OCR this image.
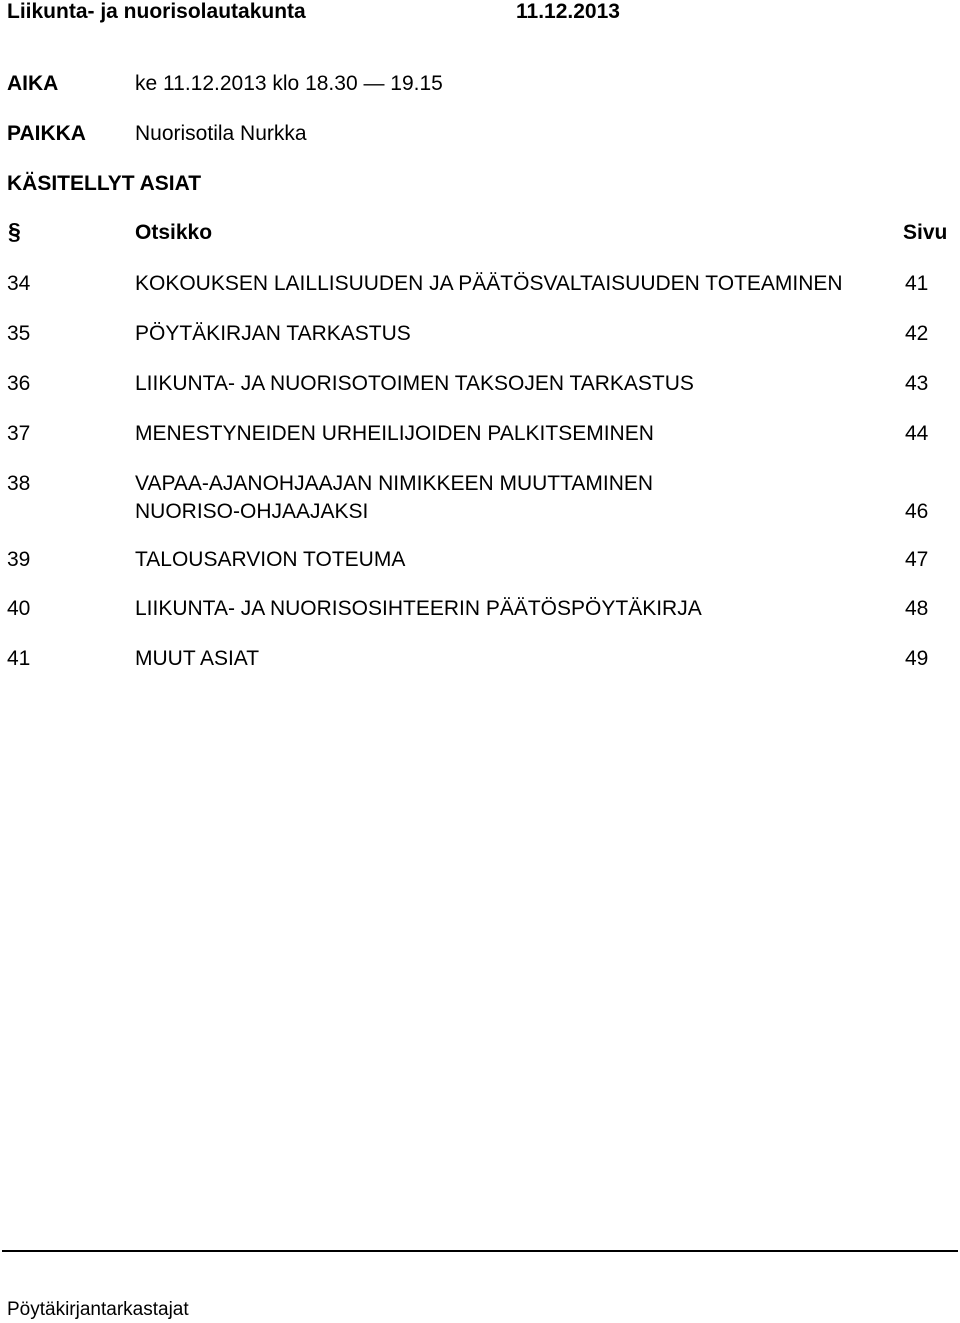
Liikunta- ja nuorisolautakunta	11.12.2013
AIKA	ke 11.12.2013 klo 18.30 — 19.15
PAIKKA Nuorisotila Nurkka
KÄSITELLYT ASIAT
§	Otsikko	Sivu
34	KOKOUKSEN LAILLISUUDEN JA PÄÄTÖSVALTAISUUDEN TOTEAMINEN	41
35	PÖYTÄKIRJAN TARKASTUS	42
36	LIIKUNTA- JA NUORISOTOIMEN TAKSOJEN TARKASTUS	43
37	MENESTYNEIDEN URHEILIJOIDEN PALKITSEMINEN	44
38	VAPAA-AJANOHJAAJAN NIMIKKEEN MUUTTAMINEN
NUORISO-OHJAAJAKSI	46
39	TALOUSARVION TOTEUMA	47
40	LIIKUNTA- JA NUORISOSIHTEERIN PÄÄTÖSPÖYTÄKIRJA	48
41	MUUT ASIAT	49
Pöytäkirjantarkastajat
